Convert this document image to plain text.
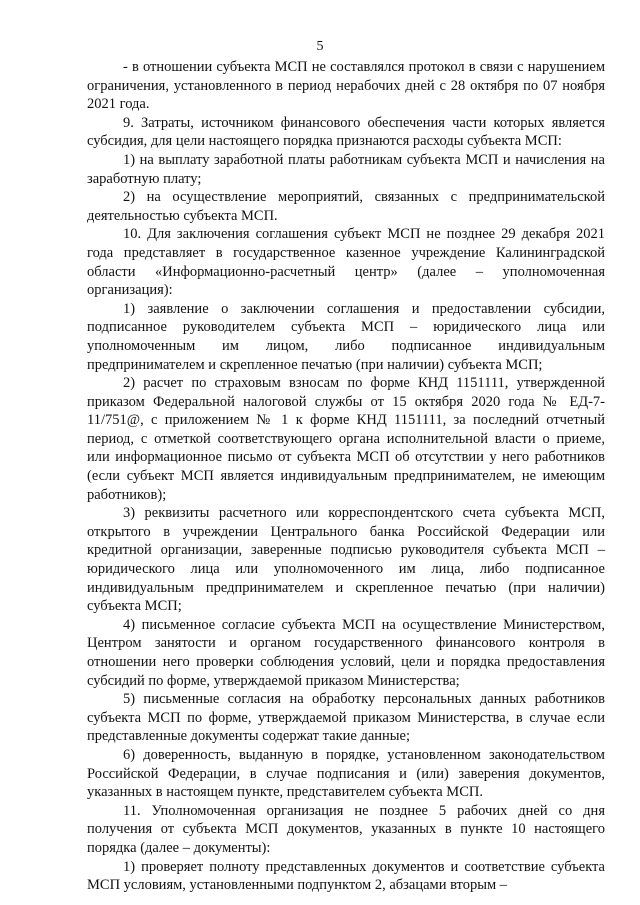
5

- в отношении субъекта МСП не составлялся протокол в связи с нарушением ограничения, установленного в период нерабочих дней с 28 октября по 07 ноября 2021 года.

9. Затраты, источником финансового обеспечения части которых является субсидия, для цели настоящего порядка признаются расходы субъекта МСП:

1) на выплату заработной платы работникам субъекта МСП и начисления на заработную плату;

2) на осуществление мероприятий, связанных с предпринимательской деятельностью субъекта МСП.

10. Для заключения соглашения субъект МСП не позднее 29 декабря 2021 года представляет в государственное казенное учреждение Калининградской области «Информационно-расчетный центр» (далее – уполномоченная организация):

1) заявление о заключении соглашения и предоставлении субсидии, подписанное руководителем субъекта МСП – юридического лица или уполномоченным им лицом, либо подписанное индивидуальным предпринимателем и скрепленное печатью (при наличии) субъекта МСП;

2) расчет по страховым взносам по форме КНД 1151111, утвержденной приказом Федеральной налоговой службы от 15 октября 2020 года № ЕД-7-11/751@, с приложением № 1 к форме КНД 1151111, за последний отчетный период, с отметкой соответствующего органа исполнительной власти о приеме, или информационное письмо от субъекта МСП об отсутствии у него работников (если субъект МСП является индивидуальным предпринимателем, не имеющим работников);

3) реквизиты расчетного или корреспондентского счета субъекта МСП, открытого в учреждении Центрального банка Российской Федерации или кредитной организации, заверенные подписью руководителя субъекта МСП – юридического лица или уполномоченного им лица, либо подписанное индивидуальным предпринимателем и скрепленное печатью (при наличии) субъекта МСП;

4) письменное согласие субъекта МСП на осуществление Министерством, Центром занятости и органом государственного финансового контроля в отношении него проверки соблюдения условий, цели и порядка предоставления субсидий по форме, утверждаемой приказом Министерства;

5) письменные согласия на обработку персональных данных работников субъекта МСП по форме, утверждаемой приказом Министерства, в случае если представленные документы содержат такие данные;

6) доверенность, выданную в порядке, установленном законодательством Российской Федерации, в случае подписания и (или) заверения документов, указанных в настоящем пункте, представителем субъекта МСП.

11. Уполномоченная организация не позднее 5 рабочих дней со дня получения от субъекта МСП документов, указанных в пункте 10 настоящего порядка (далее – документы):

1) проверяет полноту представленных документов и соответствие субъекта МСП условиям, установленными подпунктом 2, абзацами вторым –
